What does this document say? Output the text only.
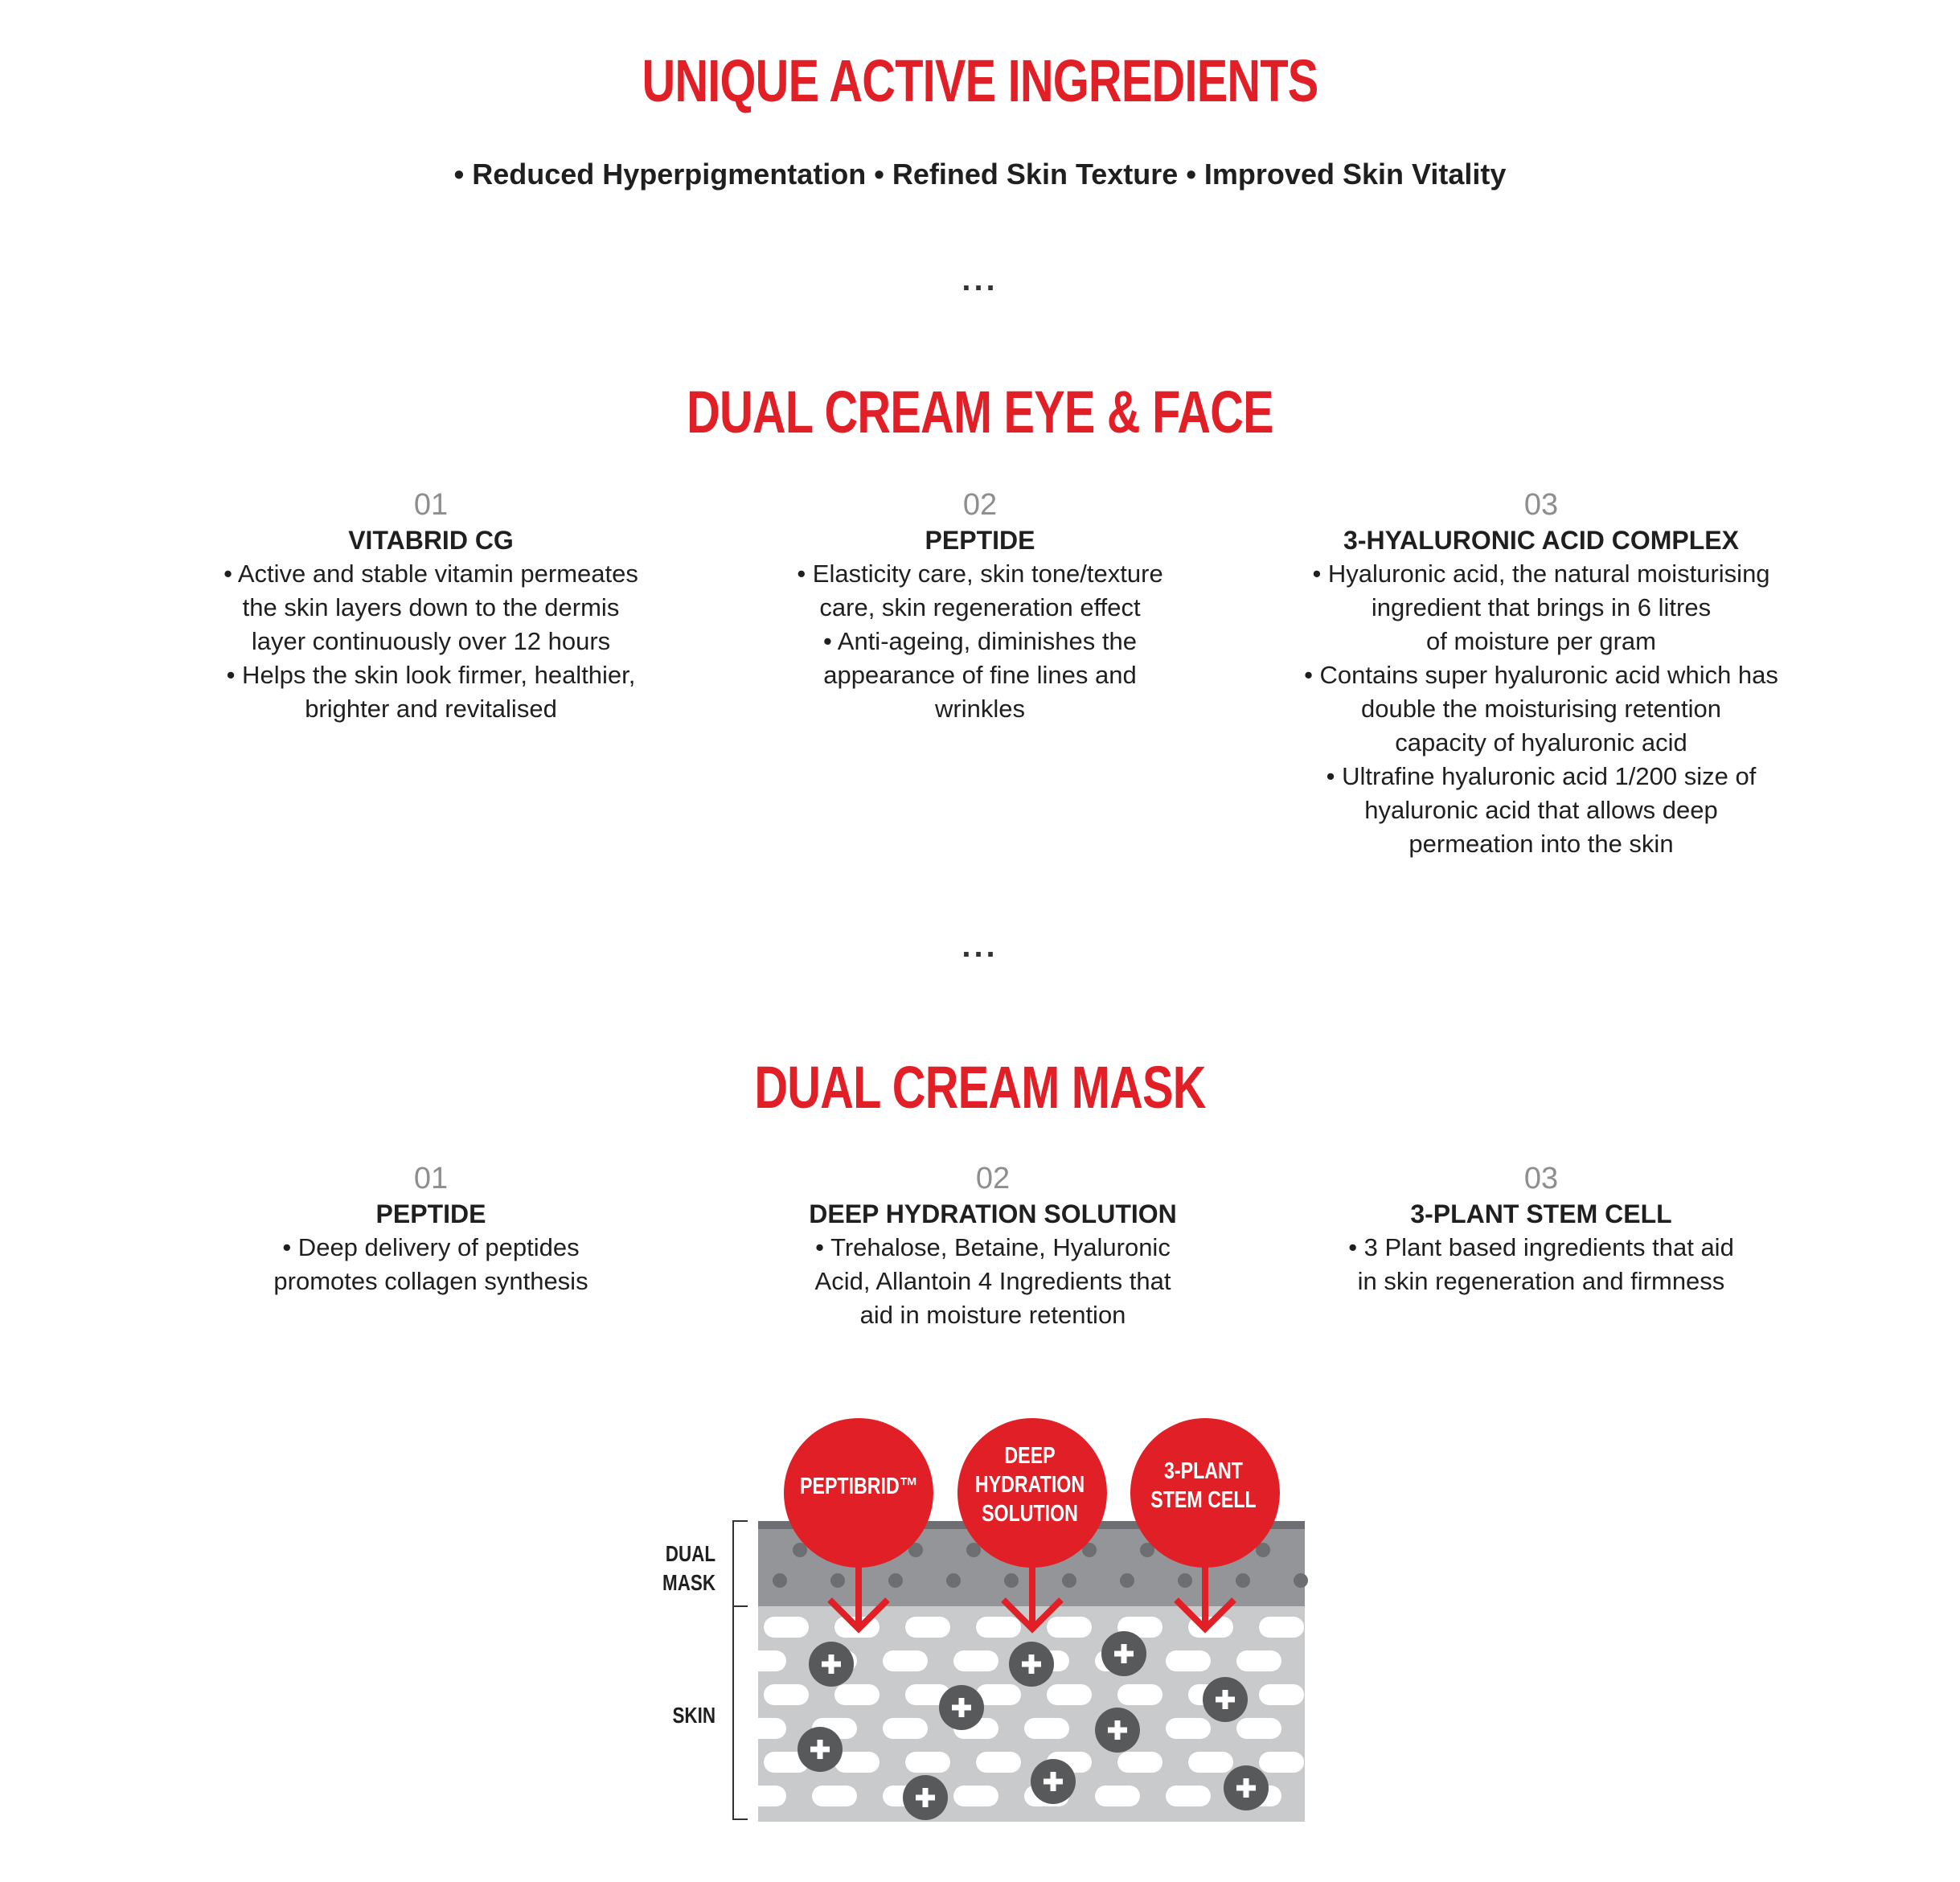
UNIQUE ACTIVE INGREDIENTS
• Reduced Hyperpigmentation • Refined Skin Texture • Improved Skin Vitality
...
DUAL CREAM EYE & FACE
01
VITABRID CG
• Active and stable vitamin permeates
the skin layers down to the dermis
layer continuously over 12 hours
• Helps the skin look firmer, healthier,
brighter and revitalised
02
PEPTIDE
• Elasticity care, skin tone/texture
care, skin regeneration effect
• Anti-ageing, diminishes the
appearance of fine lines and
wrinkles
03
3-HYALURONIC ACID COMPLEX
• Hyaluronic acid, the natural moisturising
ingredient that brings in 6 litres
of moisture per gram
• Contains super hyaluronic acid which has
double the moisturising retention
capacity of hyaluronic acid
• Ultrafine hyaluronic acid 1/200 size of
hyaluronic acid that allows deep
permeation into the skin
...
DUAL CREAM MASK
01
PEPTIDE
• Deep delivery of peptides
promotes collagen synthesis
02
DEEP HYDRATION SOLUTION
• Trehalose, Betaine, Hyaluronic
Acid, Allantoin 4 Ingredients that
aid in moisture retention
03
3-PLANT STEM CELL
• 3 Plant based ingredients that aid
in skin regeneration and firmness
DUAL
MASK
SKIN
PEPTIBRID™
DEEP
HYDRATION
SOLUTION
3-PLANT
STEM CELL
